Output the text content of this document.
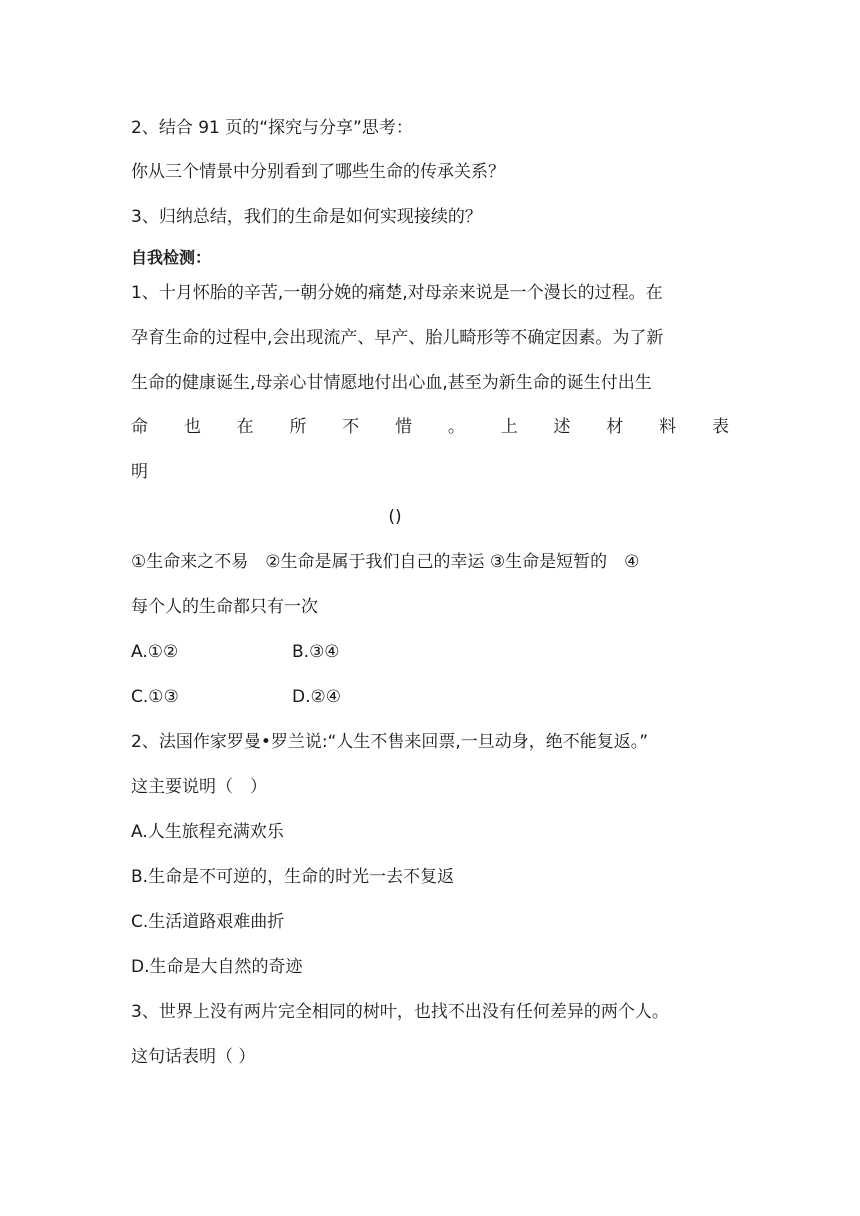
2、结合 91 页的“探究与分享”思考：
你从三个情景中分别看到了哪些生命的传承关系？
3、归纳总结，我们的生命是如何实现接续的？
自我检测：
1、十月怀胎的辛苦,一朝分娩的痛楚,对母亲来说是一个漫长的过程。在
孕育生命的过程中,会出现流产、早产、胎儿畸形等不确定因素。为了新
生命的健康诞生,母亲心甘情愿地付出心血,甚至为新生命的诞生付出生
命 也 在 所 不 惜 。 上 述 材 料 表
明
()
①生命来之不易　②生命是属于我们自己的幸运 ③生命是短暂的　④
每个人的生命都只有一次
A.①②	B.③④
C.①③	D.②④
2、法国作家罗曼•罗兰说:“人生不售来回票,一旦动身，绝不能复返。”
这主要说明（　）
A.人生旅程充满欢乐
B.生命是不可逆的，生命的时光一去不复返
C.生活道路艰难曲折
D.生命是大自然的奇迹
3、世界上没有两片完全相同的树叶，也找不出没有任何差异的两个人。
这句话表明（ ）
